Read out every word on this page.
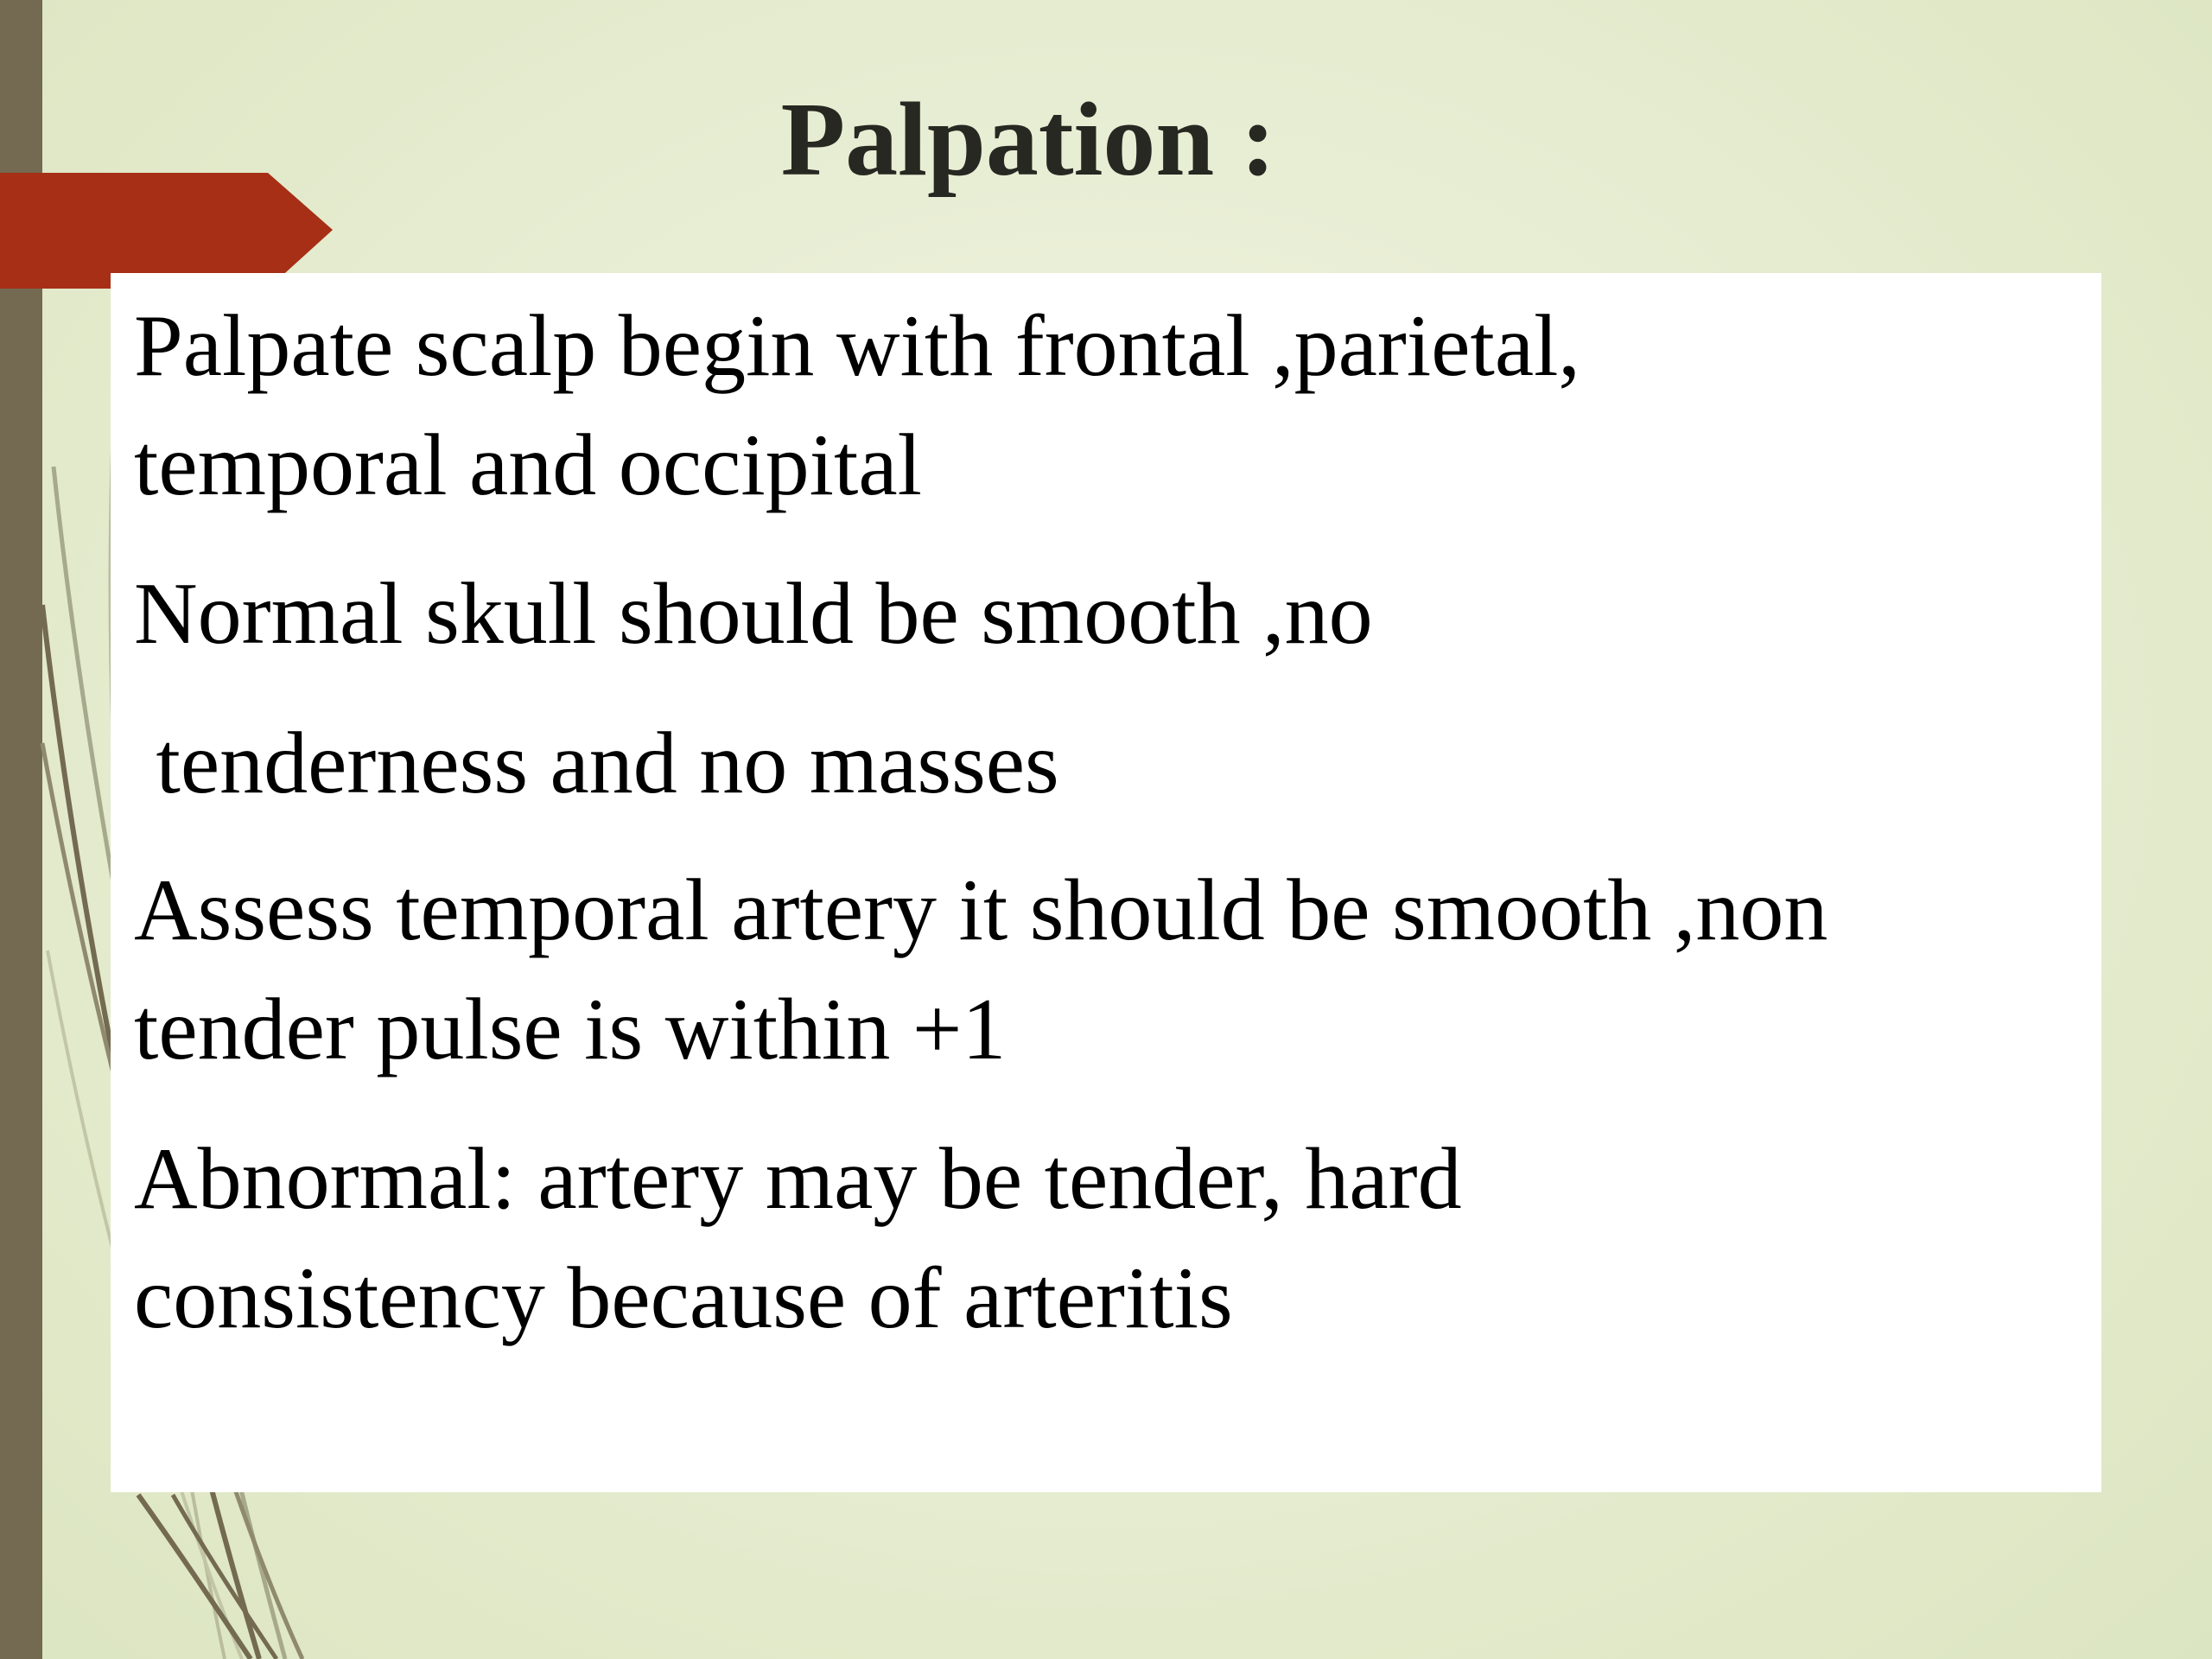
Palpation :

Palpate scalp begin with frontal ,parietal,
temporal and occipital

Normal skull should be smooth ,no

tenderness and no masses

Assess temporal artery it should be smooth ,non
tender pulse is within +1

Abnormal: artery may be tender, hard
consistency because of arteritis
